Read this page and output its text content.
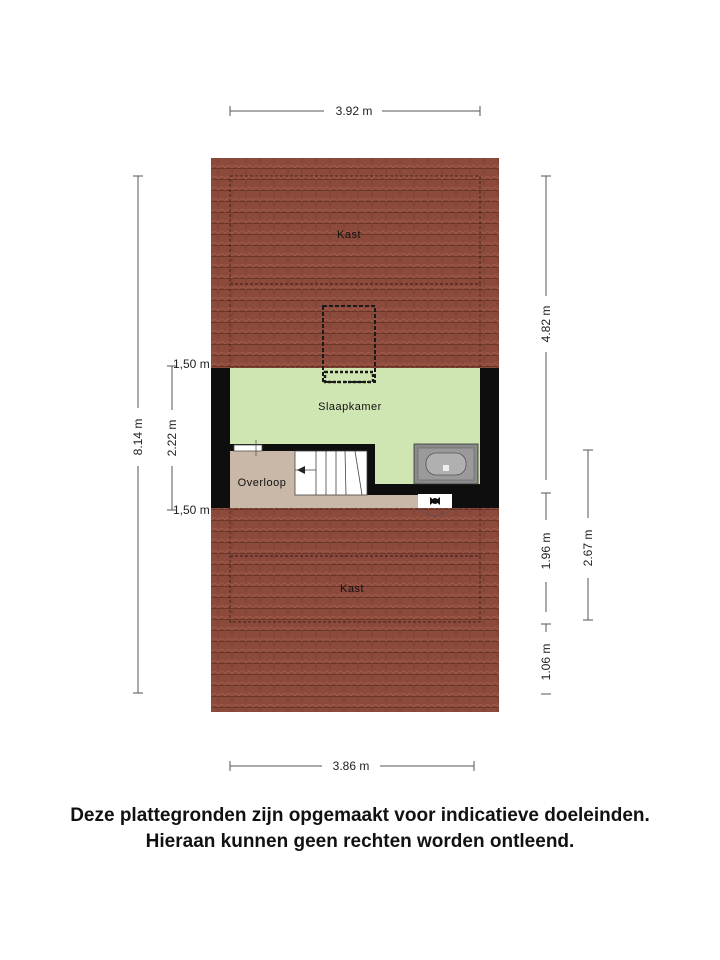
Kast
Slaapkamer
Overloop
Kast
3.92 m
3.86 m
8.14 m 2.22 m
1,50 m
1,50 m
4.82 m
1.96 m
1.06 m
2.67 m
Deze plattegronden zijn opgemaakt voor indicatieve doeleinden.
Hieraan kunnen geen rechten worden ontleend.
